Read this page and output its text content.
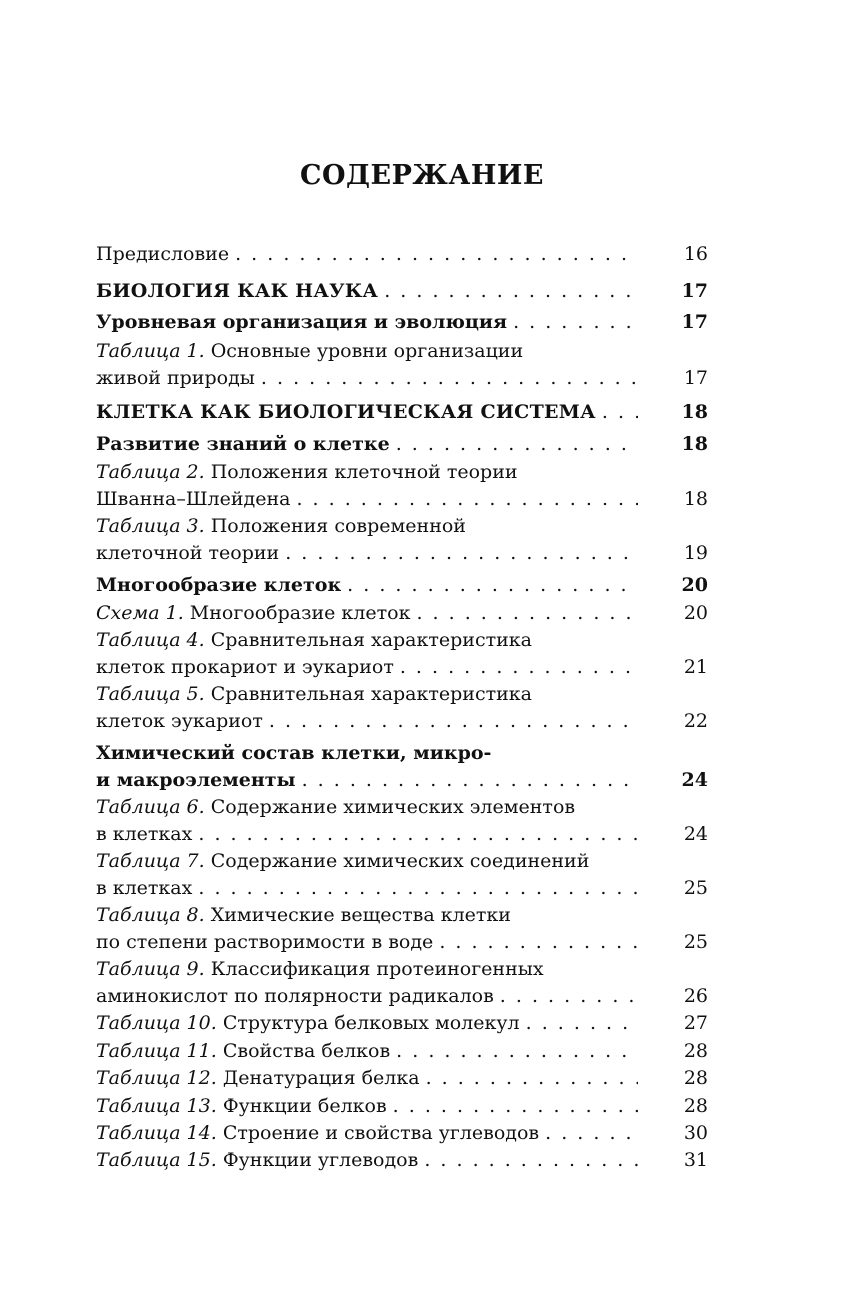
СОДЕРЖАНИЕ
Предисловие . . .	16
БИОЛОГИЯ КАК НАУКА . . .	17
Уровневая организация и эволюция . . .	17
Таблица 1. Основные уровни организации
живой природы . . .	17
КЛЕТКА КАК БИОЛОГИЧЕСКАЯ СИСТЕМА . . .	18
Развитие знаний о клетке . . .	18
Таблица 2. Положения клеточной теории
Шванна–Шлейдена . . .	18
Таблица 3. Положения современной
клеточной теории . . .	19
Многообразие клеток . . .	20
Схема 1. Многообразие клеток . . .	20
Таблица 4. Сравнительная характеристика
клеток прокариот и эукариот . . .	21
Таблица 5. Сравнительная характеристика
клеток эукариот . . .	22
Химический состав клетки, микро-
и макроэлементы . . .	24
Таблица 6. Содержание химических элементов
в клетках . . .	24
Таблица 7. Содержание химических соединений
в клетках . . .	25
Таблица 8. Химические вещества клетки
по степени растворимости в воде . . .	25
Таблица 9. Классификация протеиногенных
аминокислот по полярности радикалов . . .	26
Таблица 10. Структура белковых молекул . . .	27
Таблица 11. Свойства белков . . .	28
Таблица 12. Денатурация белка . . .	28
Таблица 13. Функции белков . . .	28
Таблица 14. Строение и свойства углеводов . . .	30
Таблица 15. Функции углеводов . . .	31
